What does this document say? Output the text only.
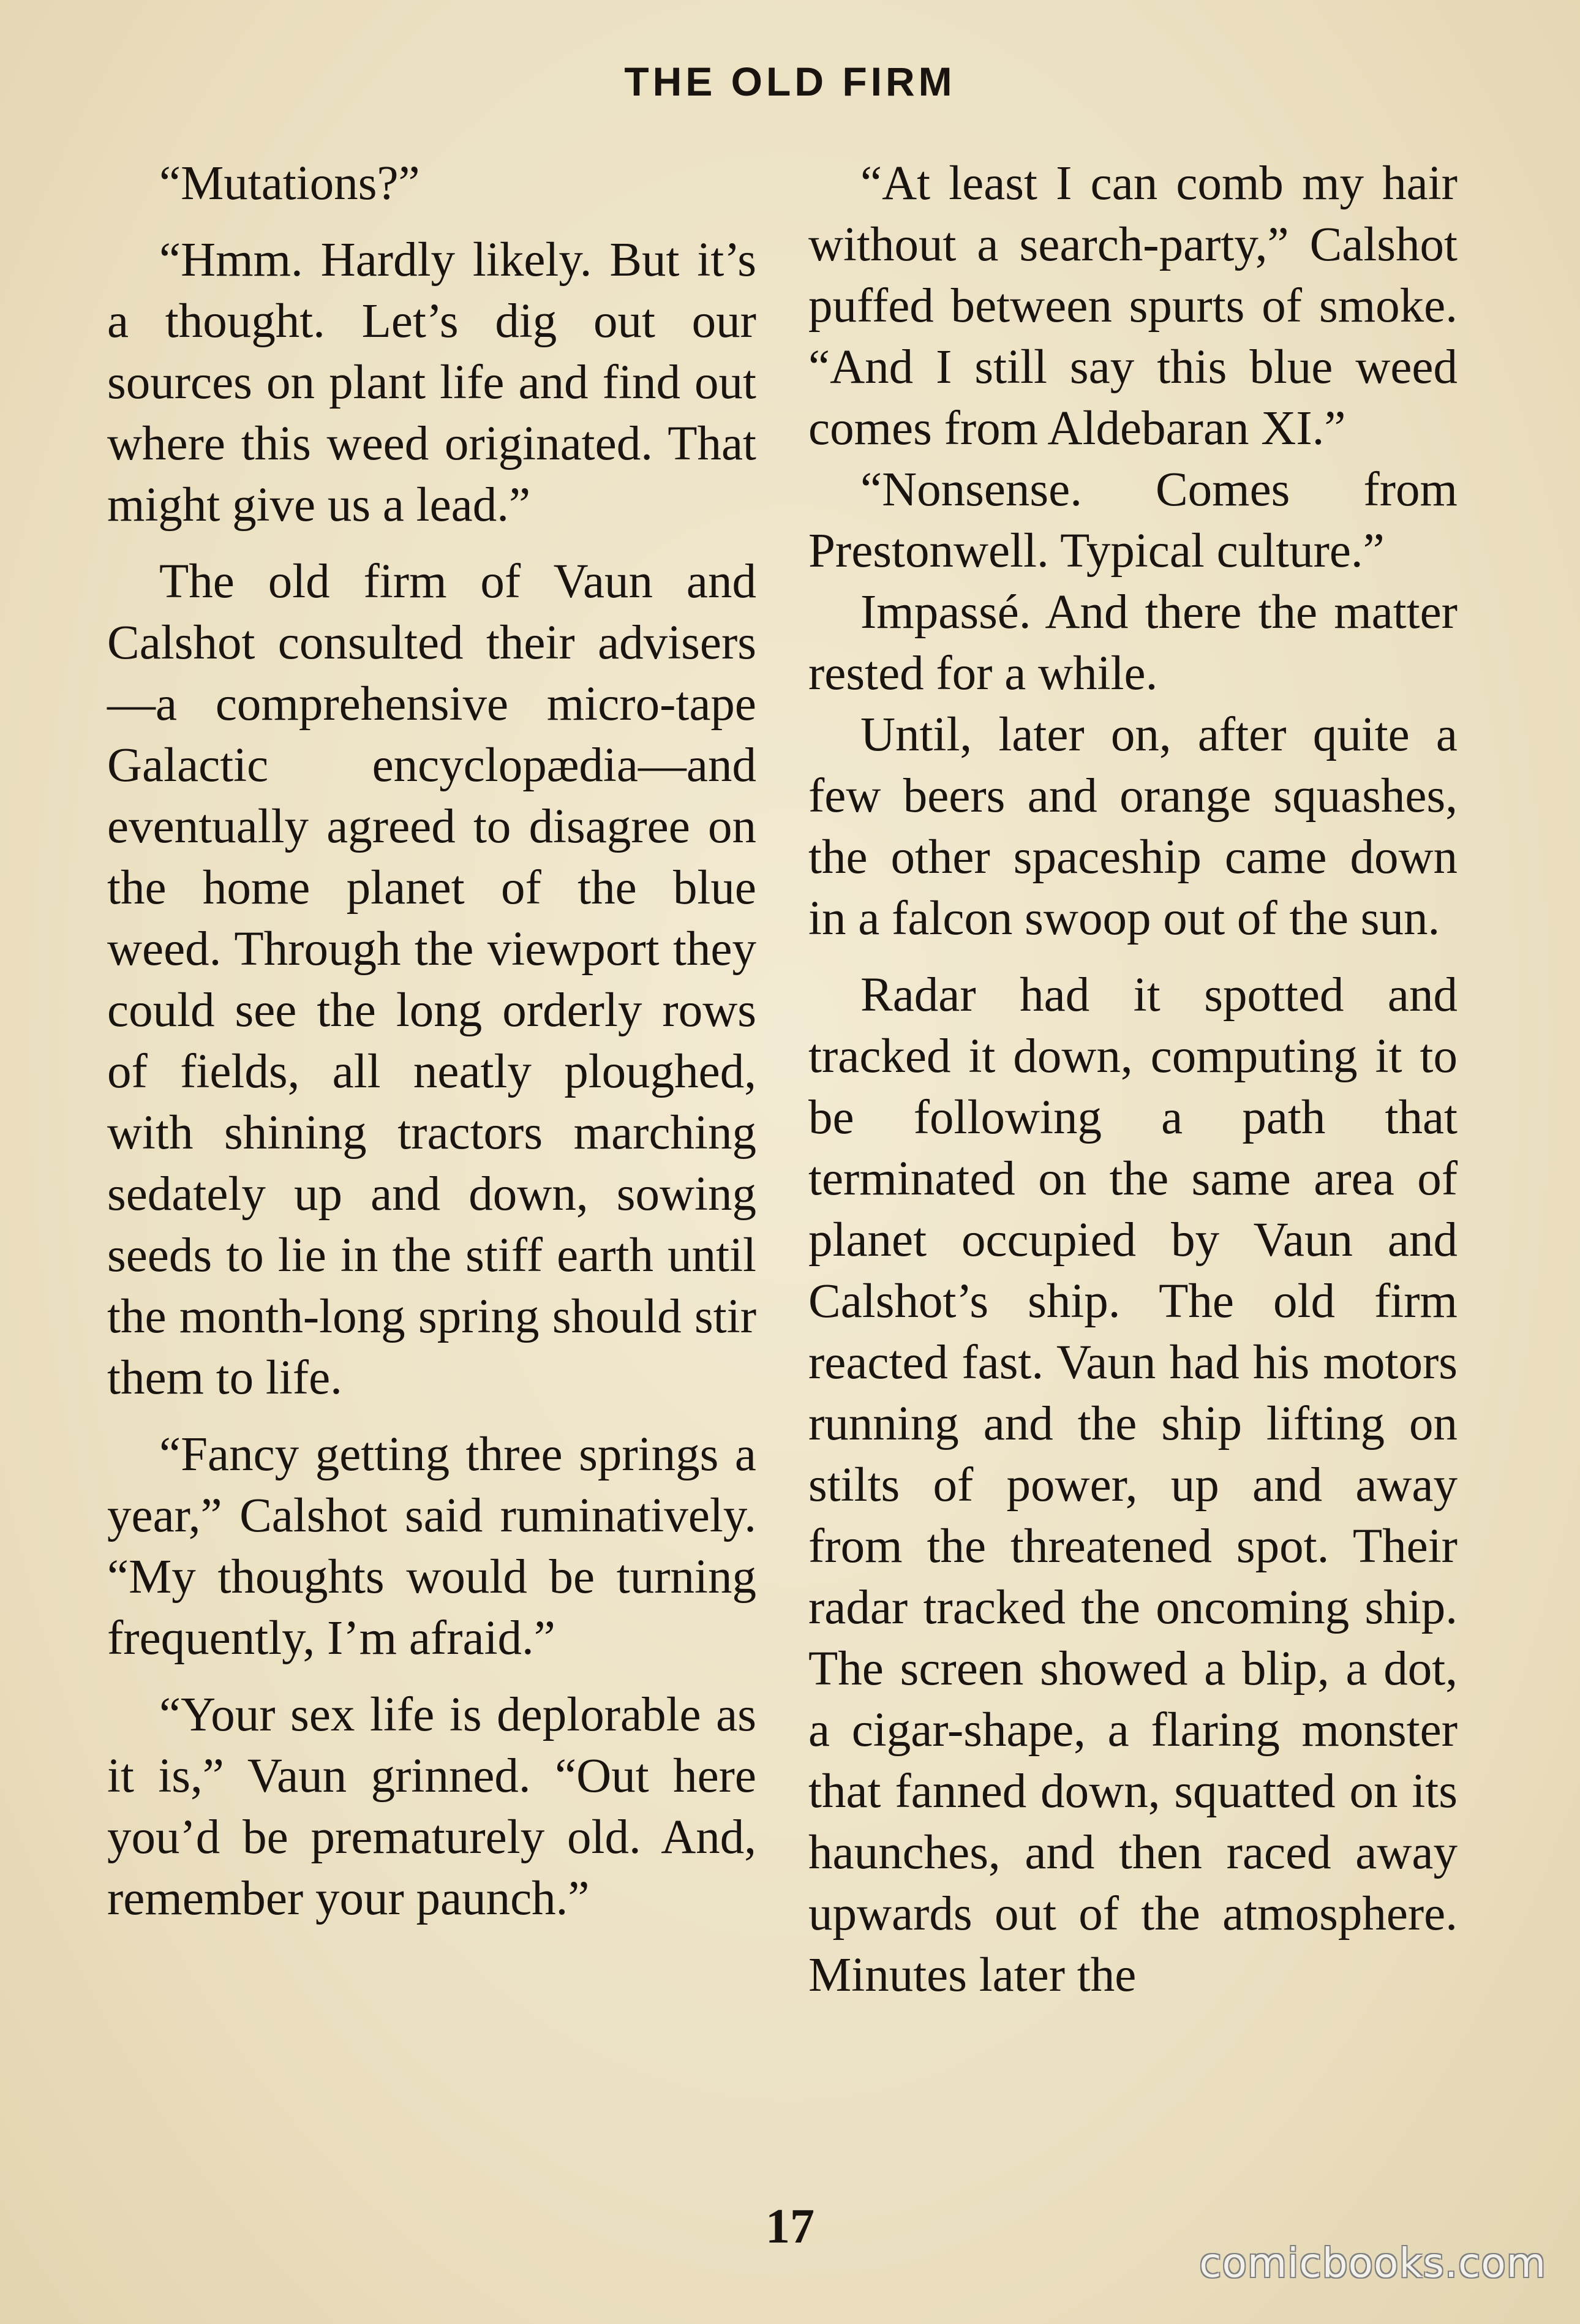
THE OLD FIRM

“Mutations?”

“Hmm. Hardly likely. But it’s a thought. Let’s dig out our sources on plant life and find out where this weed originated. That might give us a lead.”

The old firm of Vaun and Calshot consulted their advisers—a comprehensive micro-tape Galactic encyclopædia—and eventually agreed to disagree on the home planet of the blue weed. Through the viewport they could see the long orderly rows of fields, all neatly ploughed, with shining tractors marching sedately up and down, sowing seeds to lie in the stiff earth until the month-long spring should stir them to life.

“Fancy getting three springs a year,” Calshot said ruminatively. “My thoughts would be turning frequently, I’m afraid.”

“Your sex life is deplorable as it is,” Vaun grinned. “Out here you’d be prematurely old. And, remember your paunch.”

“At least I can comb my hair without a search-party,” Calshot puffed between spurts of smoke. “And I still say this blue weed comes from Aldebaran XI.”

“Nonsense. Comes from Prestonwell. Typical culture.”

Impassé. And there the matter rested for a while.

Until, later on, after quite a few beers and orange squashes, the other spaceship came down in a falcon swoop out of the sun.

Radar had it spotted and tracked it down, computing it to be following a path that terminated on the same area of planet occupied by Vaun and Calshot’s ship. The old firm reacted fast. Vaun had his motors running and the ship lifting on stilts of power, up and away from the threatened spot. Their radar tracked the oncoming ship. The screen showed a blip, a dot, a cigar-shape, a flaring monster that fanned down, squatted on its haunches, and then raced away upwards out of the atmosphere. Minutes later the

17
comicbooks.com
